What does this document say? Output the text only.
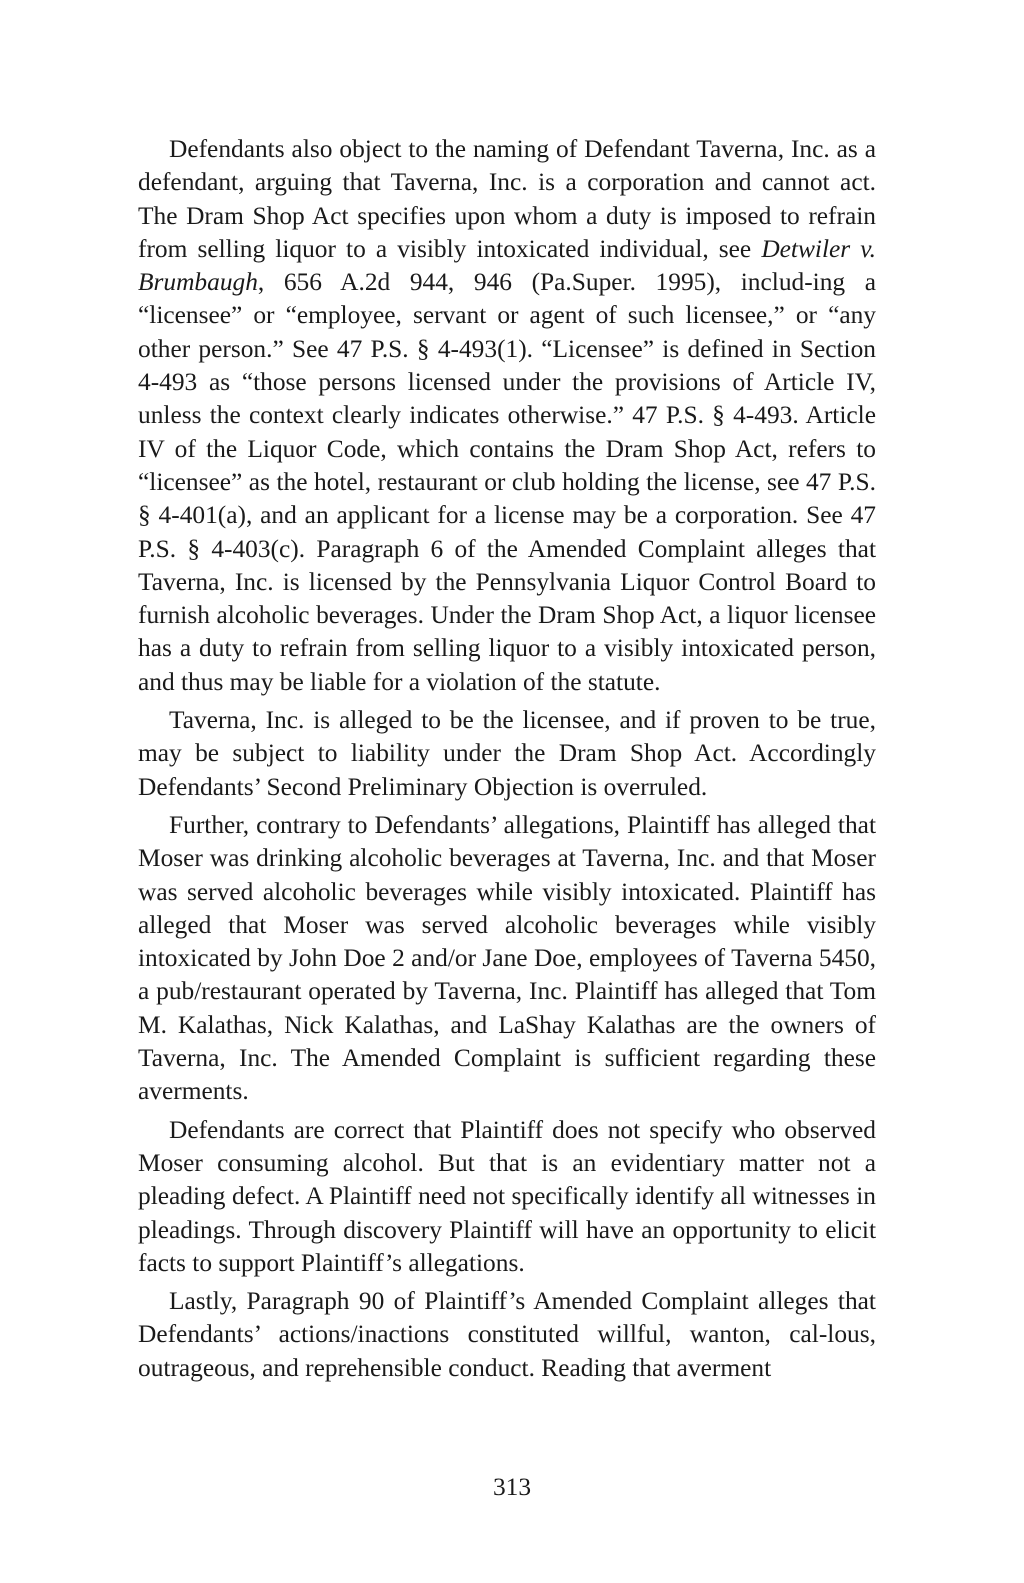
Defendants also object to the naming of Defendant Taverna, Inc. as a defendant, arguing that Taverna, Inc. is a corporation and cannot act. The Dram Shop Act specifies upon whom a duty is imposed to refrain from selling liquor to a visibly intoxicated individual, see Detwiler v. Brumbaugh, 656 A.2d 944, 946 (Pa.Super. 1995), includ-ing a “licensee” or “employee, servant or agent of such licensee,” or “any other person.” See 47 P.S. § 4-493(1). “Licensee” is defined in Section 4-493 as “those persons licensed under the provisions of Article IV, unless the context clearly indicates otherwise.” 47 P.S. § 4-493. Article IV of the Liquor Code, which contains the Dram Shop Act, refers to “licensee” as the hotel, restaurant or club holding the license, see 47 P.S. § 4-401(a), and an applicant for a license may be a corporation. See 47 P.S. § 4-403(c). Paragraph 6 of the Amended Complaint alleges that Taverna, Inc. is licensed by the Pennsylvania Liquor Control Board to furnish alcoholic beverages. Under the Dram Shop Act, a liquor licensee has a duty to refrain from selling liquor to a visibly intoxicated person, and thus may be liable for a violation of the statute.

Taverna, Inc. is alleged to be the licensee, and if proven to be true, may be subject to liability under the Dram Shop Act. Accordingly Defendants’ Second Preliminary Objection is overruled.

Further, contrary to Defendants’ allegations, Plaintiff has alleged that Moser was drinking alcoholic beverages at Taverna, Inc. and that Moser was served alcoholic beverages while visibly intoxicated. Plaintiff has alleged that Moser was served alcoholic beverages while visibly intoxicated by John Doe 2 and/or Jane Doe, employees of Taverna 5450, a pub/restaurant operated by Taverna, Inc. Plaintiff has alleged that Tom M. Kalathas, Nick Kalathas, and LaShay Kalathas are the owners of Taverna, Inc. The Amended Complaint is sufficient regarding these averments.

Defendants are correct that Plaintiff does not specify who observed Moser consuming alcohol. But that is an evidentiary matter not a pleading defect. A Plaintiff need not specifically identify all witnesses in pleadings. Through discovery Plaintiff will have an opportunity to elicit facts to support Plaintiff’s allegations.

Lastly, Paragraph 90 of Plaintiff’s Amended Complaint alleges that Defendants’ actions/inactions constituted willful, wanton, cal-lous, outrageous, and reprehensible conduct. Reading that averment

313
